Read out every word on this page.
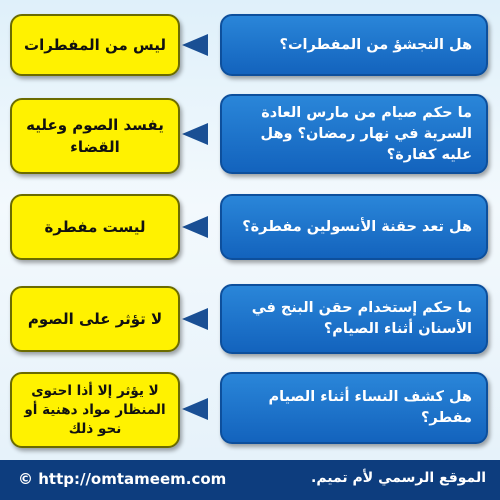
هل التجشؤ من المفطرات؟
ليس من المفطرات
ما حكم صيام من مارس العادة السرية في نهار رمضان؟ وهل عليه كفارة؟
يفسد الصوم وعليه القضاء
هل تعد حقنة الأنسولين مفطرة؟
ليست مفطرة
ما حكم إستخدام حقن البنج في الأسنان أثناء الصيام؟
لا تؤثر على الصوم
هل كشف النساء أثناء الصيام مفطر؟
لا يؤثر إلا أذا احتوى المنظار مواد دهنية أو نحو ذلك
© http://omtameem.com	الموقع الرسمي لأم تميم.
